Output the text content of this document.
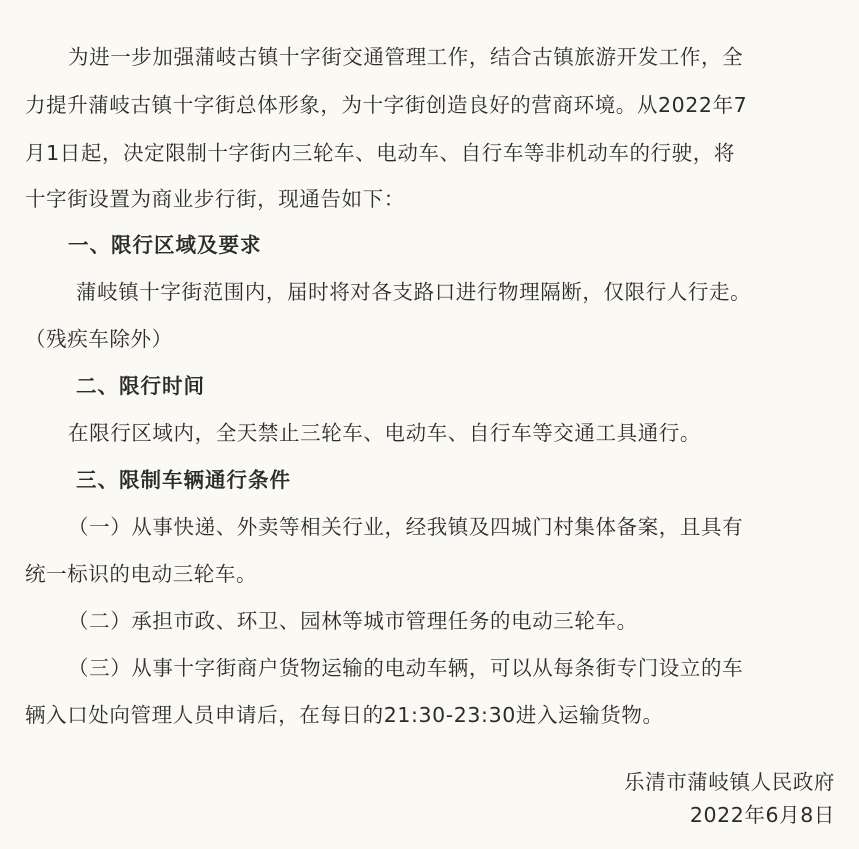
为进一步加强蒲岐古镇十字街交通管理工作，结合古镇旅游开发工作，全
力提升蒲岐古镇十字街总体形象，为十字街创造良好的营商环境。从2022年7
月1日起，决定限制十字街内三轮车、电动车、自行车等非机动车的行驶，将
十字街设置为商业步行街，现通告如下：
一、限行区域及要求
蒲岐镇十字街范围内，届时将对各支路口进行物理隔断，仅限行人行走。
（残疾车除外）
二、限行时间
在限行区域内，全天禁止三轮车、电动车、自行车等交通工具通行。
三、限制车辆通行条件
（一）从事快递、外卖等相关行业，经我镇及四城门村集体备案，且具有
统一标识的电动三轮车。
（二）承担市政、环卫、园林等城市管理任务的电动三轮车。
（三）从事十字街商户货物运输的电动车辆，可以从每条街专门设立的车
辆入口处向管理人员申请后，在每日的21:30-23:30进入运输货物。
乐清市蒲岐镇人民政府
2022年6月8日
